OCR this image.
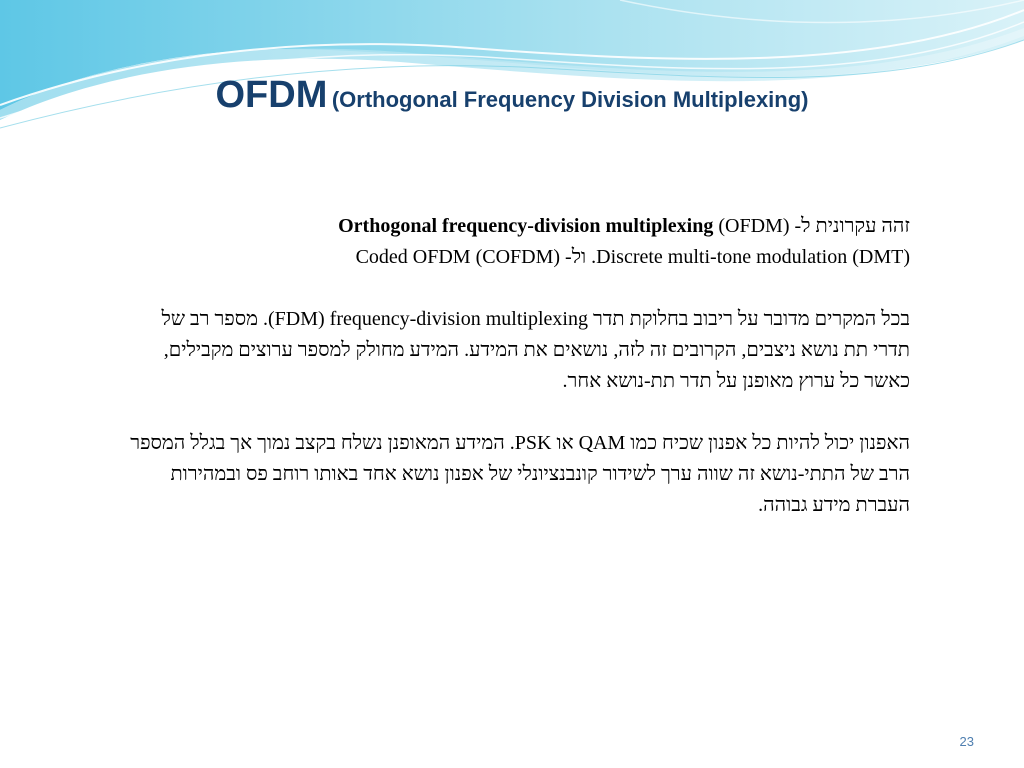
OFDM (Orthogonal Frequency Division Multiplexing)

זהה עקרונית ל- Orthogonal frequency-division multiplexing (OFDM)

.Discrete multi-tone modulation (DMT) ול- Coded OFDM (COFDM)

בכל המקרים מדובר על ריבוב בחלוקת תדר frequency-division multiplexing (FDM). מספר רב של תדרי תת נושא ניצבים, הקרובים זה לזה, נושאים את המידע. המידע מחולק למספר ערוצים מקבילים, כאשר כל ערוץ מאופנן על תדר תת-נושא אחר.

האפנון יכול להיות כל אפנון שכיח כמו QAM או PSK. המידע המאופנן נשלח בקצב נמוך אך בגלל המספר הרב של התתי-נושא זה שווה ערך לשידור קונבנציונלי של אפנון נושא אחד באותו רוחב פס ובמהירות העברת מידע גבוהה.

23
